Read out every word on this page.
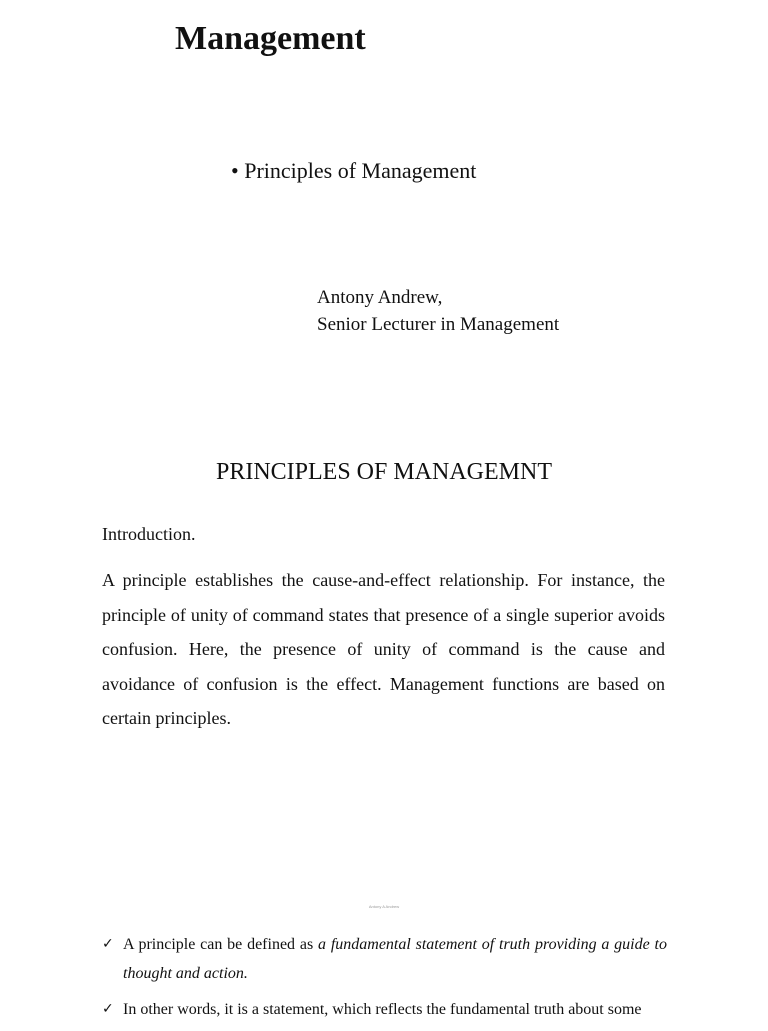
Management
• Principles of Management
Antony Andrew,
Senior Lecturer in Management
PRINCIPLES OF MANAGEMNT
Introduction.

A principle establishes the cause-and-effect relationship. For instance, the principle of unity of command states that presence of a single superior avoids confusion. Here, the presence of unity of command is the cause and avoidance of confusion is the effect. Management functions are based on certain principles.

Antony A Andrew
✓ A principle can be defined as a fundamental statement of truth providing a guide to thought and action.
✓ In other words, it is a statement, which reflects the fundamental truth about some
